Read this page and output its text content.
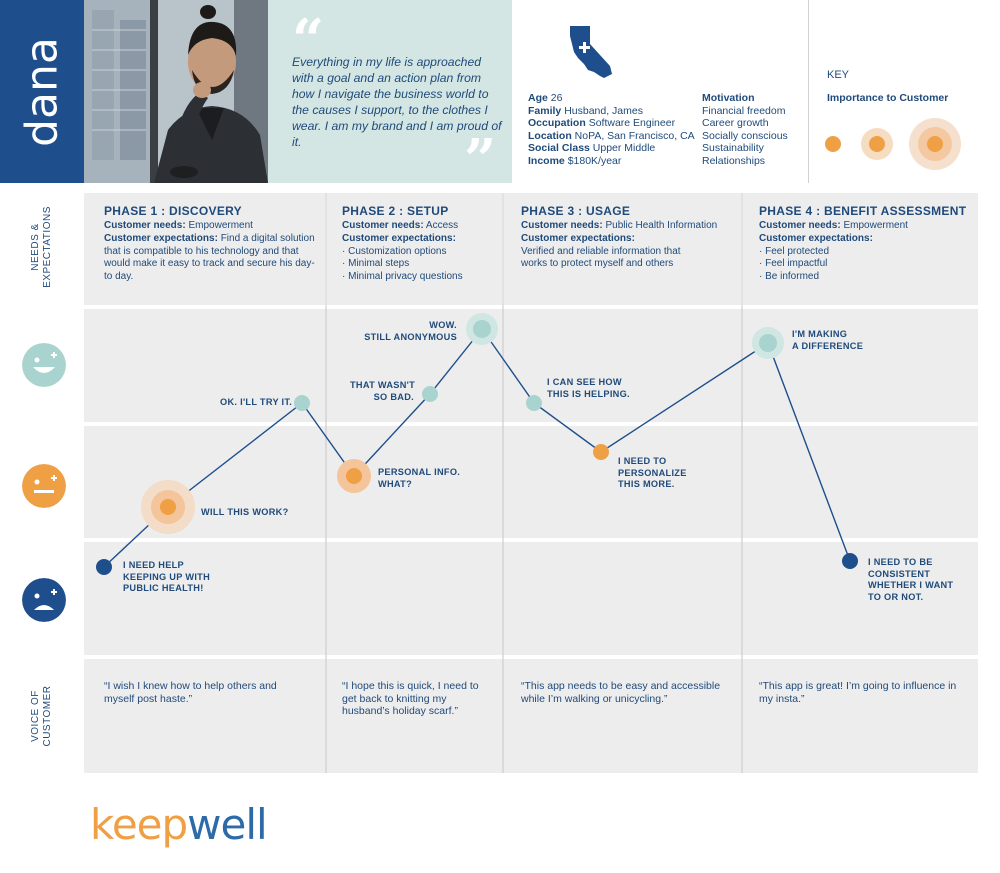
dana	“
Everything in my life is approached with a goal and an action plan from how I navigate the business world to the causes I support, to the clothes I wear. I am my brand and I am proud of it.	”
Age 26
Family Husband, James
Occupation Software Engineer
Location NoPA, San Francisco, CA
Social Class Upper Middle
Income $180K/year
Motivation
Financial freedom
Career growth
Socially conscious
Sustainability
Relationships
KEY
Importance to Customer
NEEDS &
EXPECTATIONS
VOICE OF
CUSTOMER
PHASE 1 : DISCOVERY
Customer needs: Empowerment
Customer expectations: Find a digital solution that is compatible to his technology and that would make it easy to track and secure his day-to day.
PHASE 2 : SETUP
Customer needs: Access
Customer expectations:
· Customization options
· Minimal steps
· Minimal privacy questions
PHASE 3 : USAGE
Customer needs: Public Health Information
Customer expectations:
Verified and reliable information that works to protect myself and others
PHASE 4 : BENEFIT ASSESSMENT
Customer needs: Empowerment
Customer expectations:
· Feel protected
· Feel impactful
· Be informed
I NEED HELP
KEEPING UP WITH
PUBLIC HEALTH!
WILL THIS WORK?
OK. I'LL TRY IT.
PERSONAL INFO.
WHAT?
THAT WASN'T
SO BAD.
WOW.
STILL ANONYMOUS
I CAN SEE HOW
THIS IS HELPING.
I NEED TO
PERSONALIZE
THIS MORE.
I'M MAKING
A DIFFERENCE
I NEED TO BE
CONSISTENT
WHETHER I WANT
TO OR NOT.
“I wish I knew how to help others and myself post haste.”
“I hope this is quick, I need to get back to knitting my husband’s holiday scarf.”
“This app needs to be easy and accessible while I’m walking or unicycling.”
“This app is great! I’m going to influence in my insta.”
keepwell
